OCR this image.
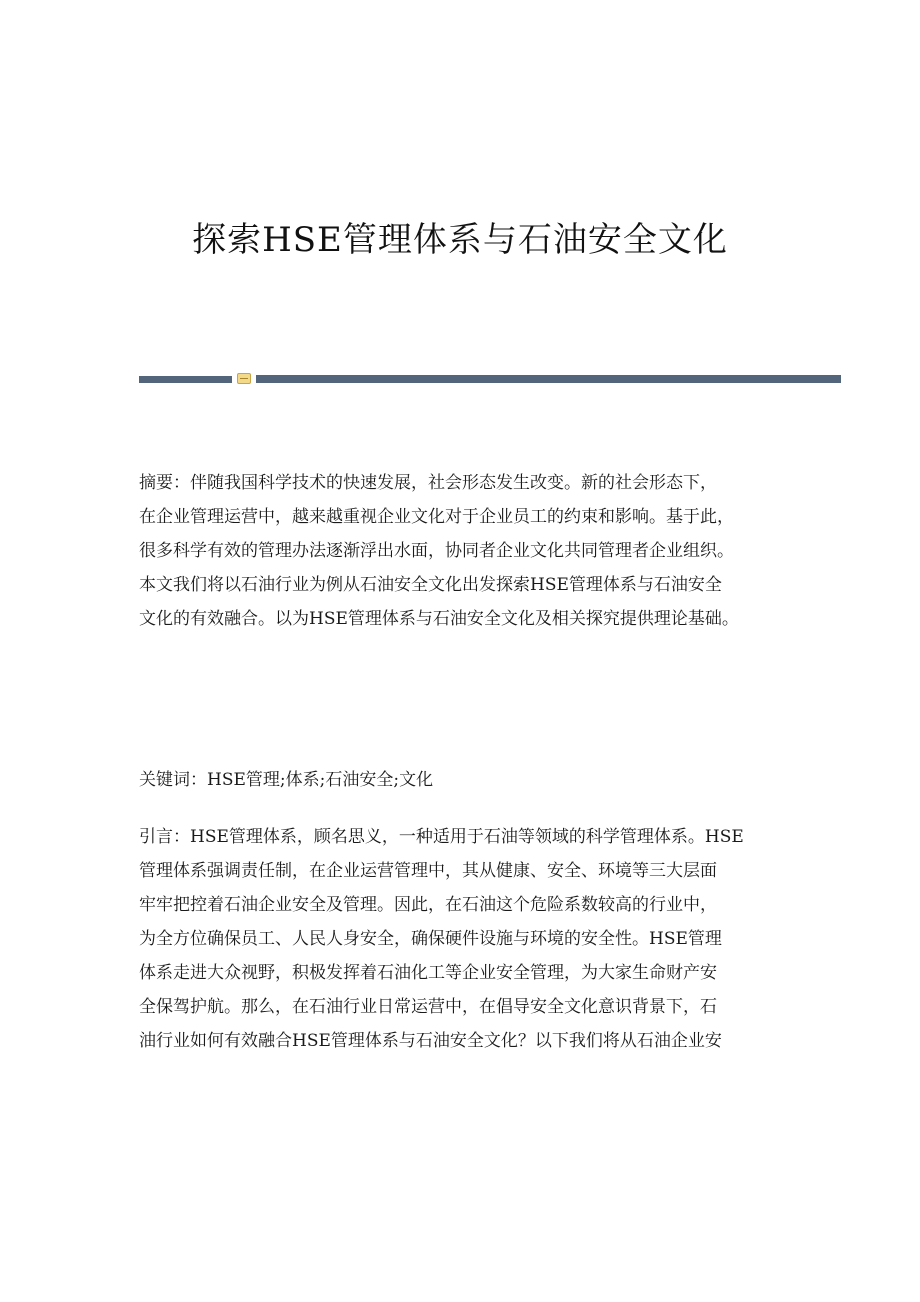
探索HSE管理体系与石油安全文化
摘要：伴随我国科学技术的快速发展，社会形态发生改变。新的社会形态下，
在企业管理运营中，越来越重视企业文化对于企业员工的约束和影响。基于此，
很多科学有效的管理办法逐渐浮出水面，协同者企业文化共同管理者企业组织。
本文我们将以石油行业为例从石油安全文化出发探索HSE管理体系与石油安全
文化的有效融合。以为HSE管理体系与石油安全文化及相关探究提供理论基础。
关键词：HSE管理;体系;石油安全;文化
引言：HSE管理体系，顾名思义，一种适用于石油等领域的科学管理体系。HSE
管理体系强调责任制，在企业运营管理中，其从健康、安全、环境等三大层面
牢牢把控着石油企业安全及管理。因此，在石油这个危险系数较高的行业中，
为全方位确保员工、人民人身安全，确保硬件设施与环境的安全性。HSE管理
体系走进大众视野，积极发挥着石油化工等企业安全管理，为大家生命财产安
全保驾护航。那么，在石油行业日常运营中，在倡导安全文化意识背景下，石
油行业如何有效融合HSE管理体系与石油安全文化？以下我们将从石油企业安
